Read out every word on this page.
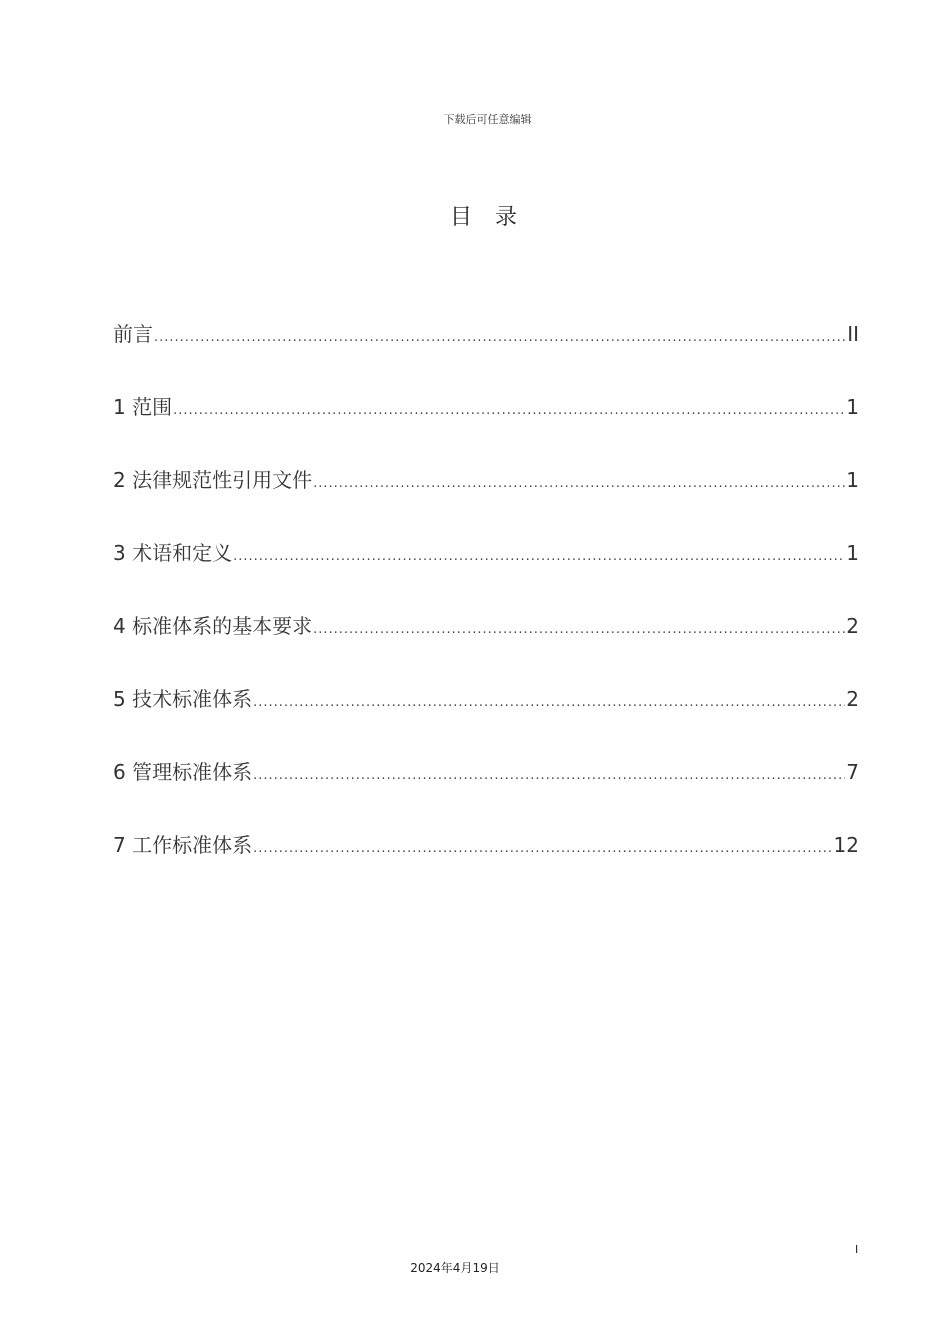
下载后可任意编辑
目 录
前言 .....	II
1 范围 .....	1
2 法律规范性引用文件 .....	1
3 术语和定义 .....	1
4 标准体系的基本要求 .....	2
5 技术标准体系 .....	2
6 管理标准体系 .....	7
7 工作标准体系 .....	12
I
2024年4月19日
